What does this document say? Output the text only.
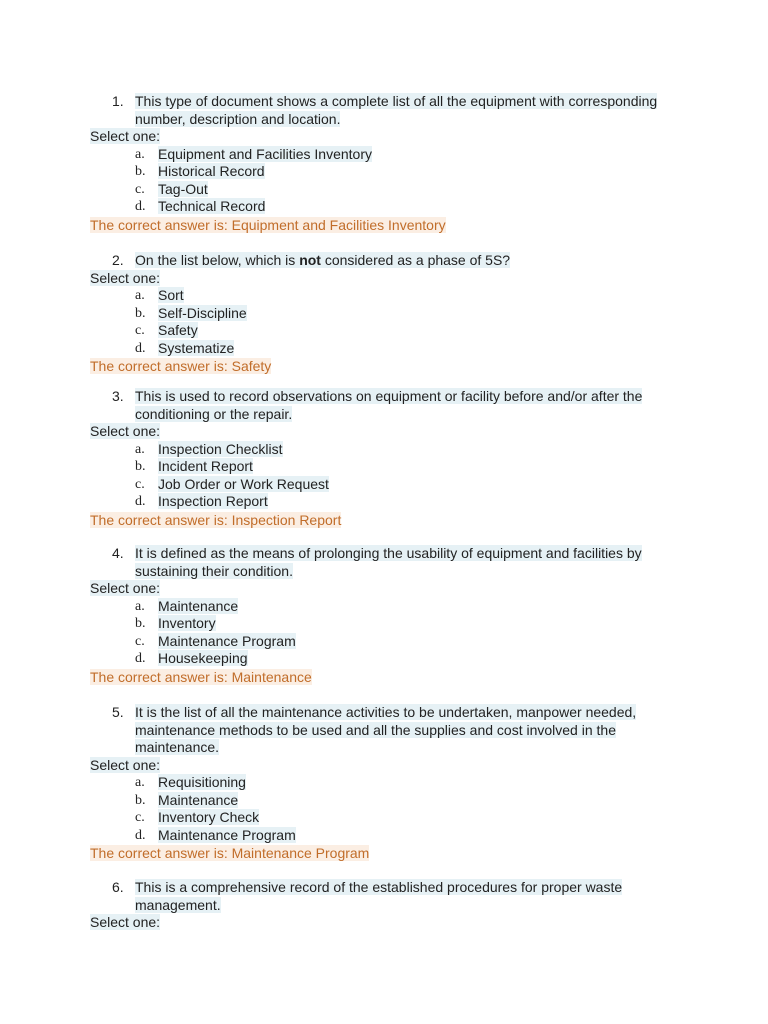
1. This type of document shows a complete list of all the equipment with corresponding
number, description and location.
Select one:
a. Equipment and Facilities Inventory
b. Historical Record
c. Tag-Out
d. Technical Record
The correct answer is: Equipment and Facilities Inventory
2. On the list below, which is not considered as a phase of 5S?
Select one:
a. Sort
b. Self-Discipline
c. Safety
d. Systematize
The correct answer is: Safety
3. This is used to record observations on equipment or facility before and/or after the
conditioning or the repair.
Select one:
a. Inspection Checklist
b. Incident Report
c. Job Order or Work Request
d. Inspection Report
The correct answer is: Inspection Report
4. It is defined as the means of prolonging the usability of equipment and facilities by
sustaining their condition.
Select one:
a. Maintenance
b. Inventory
c. Maintenance Program
d. Housekeeping
The correct answer is: Maintenance
5. It is the list of all the maintenance activities to be undertaken, manpower needed,
maintenance methods to be used and all the supplies and cost involved in the
maintenance.
Select one:
a. Requisitioning
b. Maintenance
c. Inventory Check
d. Maintenance Program
The correct answer is: Maintenance Program
6. This is a comprehensive record of the established procedures for proper waste
management.
Select one:
